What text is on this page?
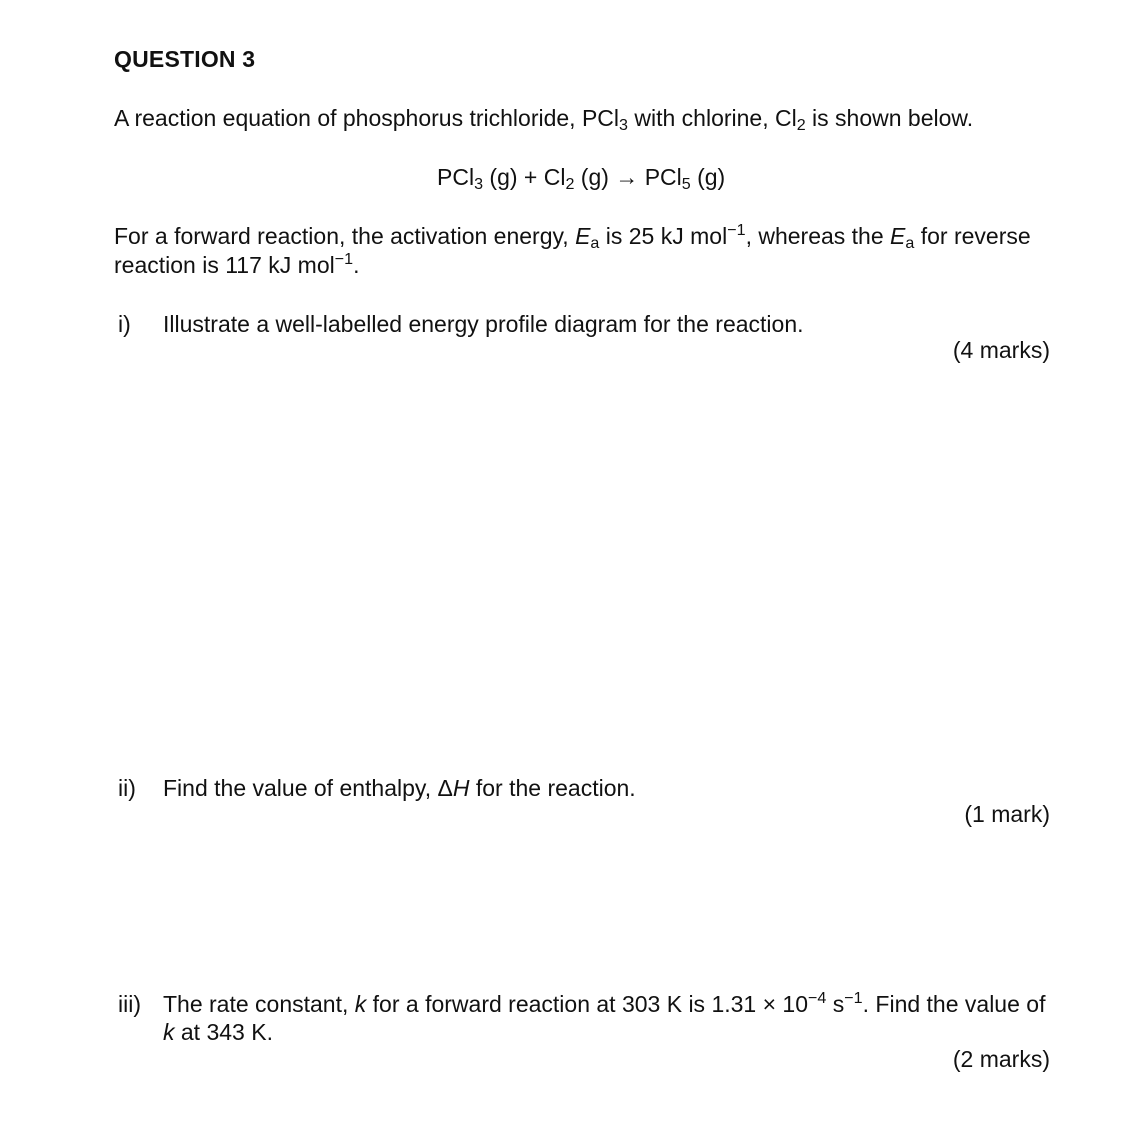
QUESTION 3
A reaction equation of phosphorus trichloride, PCl$_3$ with chlorine, $Cl_2$ is shown below.
PCl$_3$ $(g) + Cl_2$ (g) → PCl$_5$ (g)
For a forward reaction, the activation energy, $E_a$ is 25 kJ mol$^{-1}$, whereas the $E_a$ for reverse
reaction is 117 kJ mol$^{-1}$.
i) Illustrate a well-labelled energy profile diagram for the reaction.
(4 marks)
ii) Find the value of enthalpy, ΔH for the reaction.
(1 mark)
iii) The rate constant, k for a forward reaction at 303 K is $1.31 \times 10^{-4}$ $s^{-1}$. Find the value of
k at 343 K.
(2 marks)
